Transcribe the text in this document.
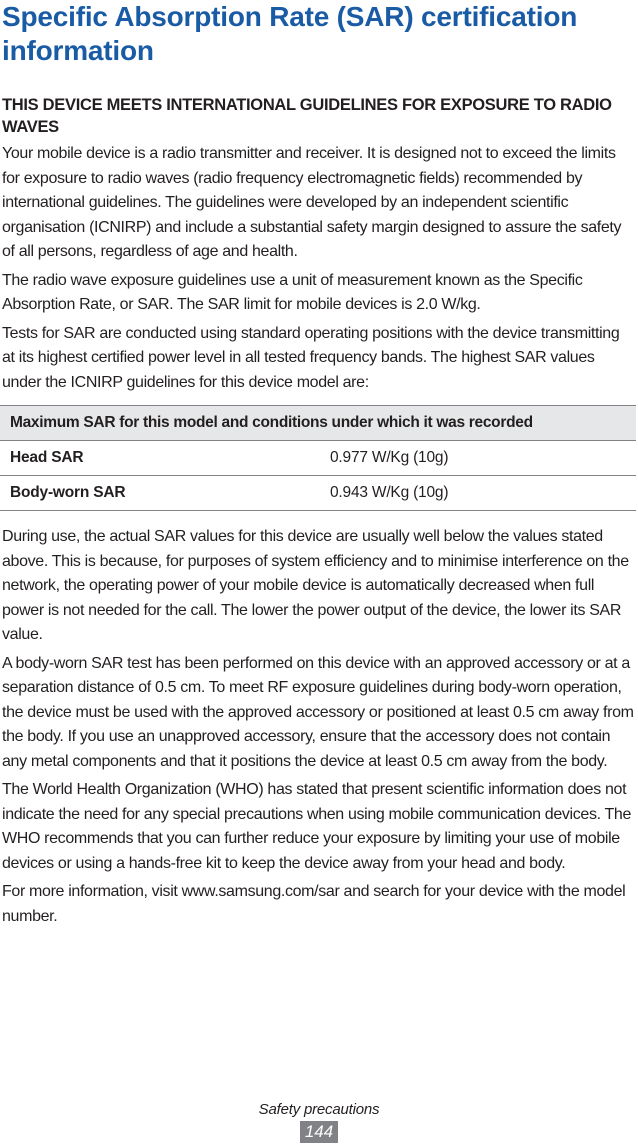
Specific Absorption Rate (SAR) certification information
THIS DEVICE MEETS INTERNATIONAL GUIDELINES FOR EXPOSURE TO RADIO WAVES

Your mobile device is a radio transmitter and receiver. It is designed not to exceed the limits for exposure to radio waves (radio frequency electromagnetic fields) recommended by international guidelines. The guidelines were developed by an independent scientific organisation (ICNIRP) and include a substantial safety margin designed to assure the safety of all persons, regardless of age and health.

The radio wave exposure guidelines use a unit of measurement known as the Specific Absorption Rate, or SAR. The SAR limit for mobile devices is 2.0 W/kg.

Tests for SAR are conducted using standard operating positions with the device transmitting at its highest certified power level in all tested frequency bands. The highest SAR values under the ICNIRP guidelines for this device model are:

Maximum SAR for this model and conditions under which it was recorded	
Head SAR	0.977 W/Kg (10g)
Body-worn SAR	0.943 W/Kg (10g)

During use, the actual SAR values for this device are usually well below the values stated above. This is because, for purposes of system efficiency and to minimise interference on the network, the operating power of your mobile device is automatically decreased when full power is not needed for the call. The lower the power output of the device, the lower its SAR value.

A body-worn SAR test has been performed on this device with an approved accessory or at a separation distance of 0.5 cm. To meet RF exposure guidelines during body-worn operation, the device must be used with the approved accessory or positioned at least 0.5 cm away from the body. If you use an unapproved accessory, ensure that the accessory does not contain any metal components and that it positions the device at least 0.5 cm away from the body.

The World Health Organization (WHO) has stated that present scientific information does not indicate the need for any special precautions when using mobile communication devices. The WHO recommends that you can further reduce your exposure by limiting your use of mobile devices or using a hands-free kit to keep the device away from your head and body.

For more information, visit www.samsung.com/sar and search for your device with the model number.

Safety precautions
144
